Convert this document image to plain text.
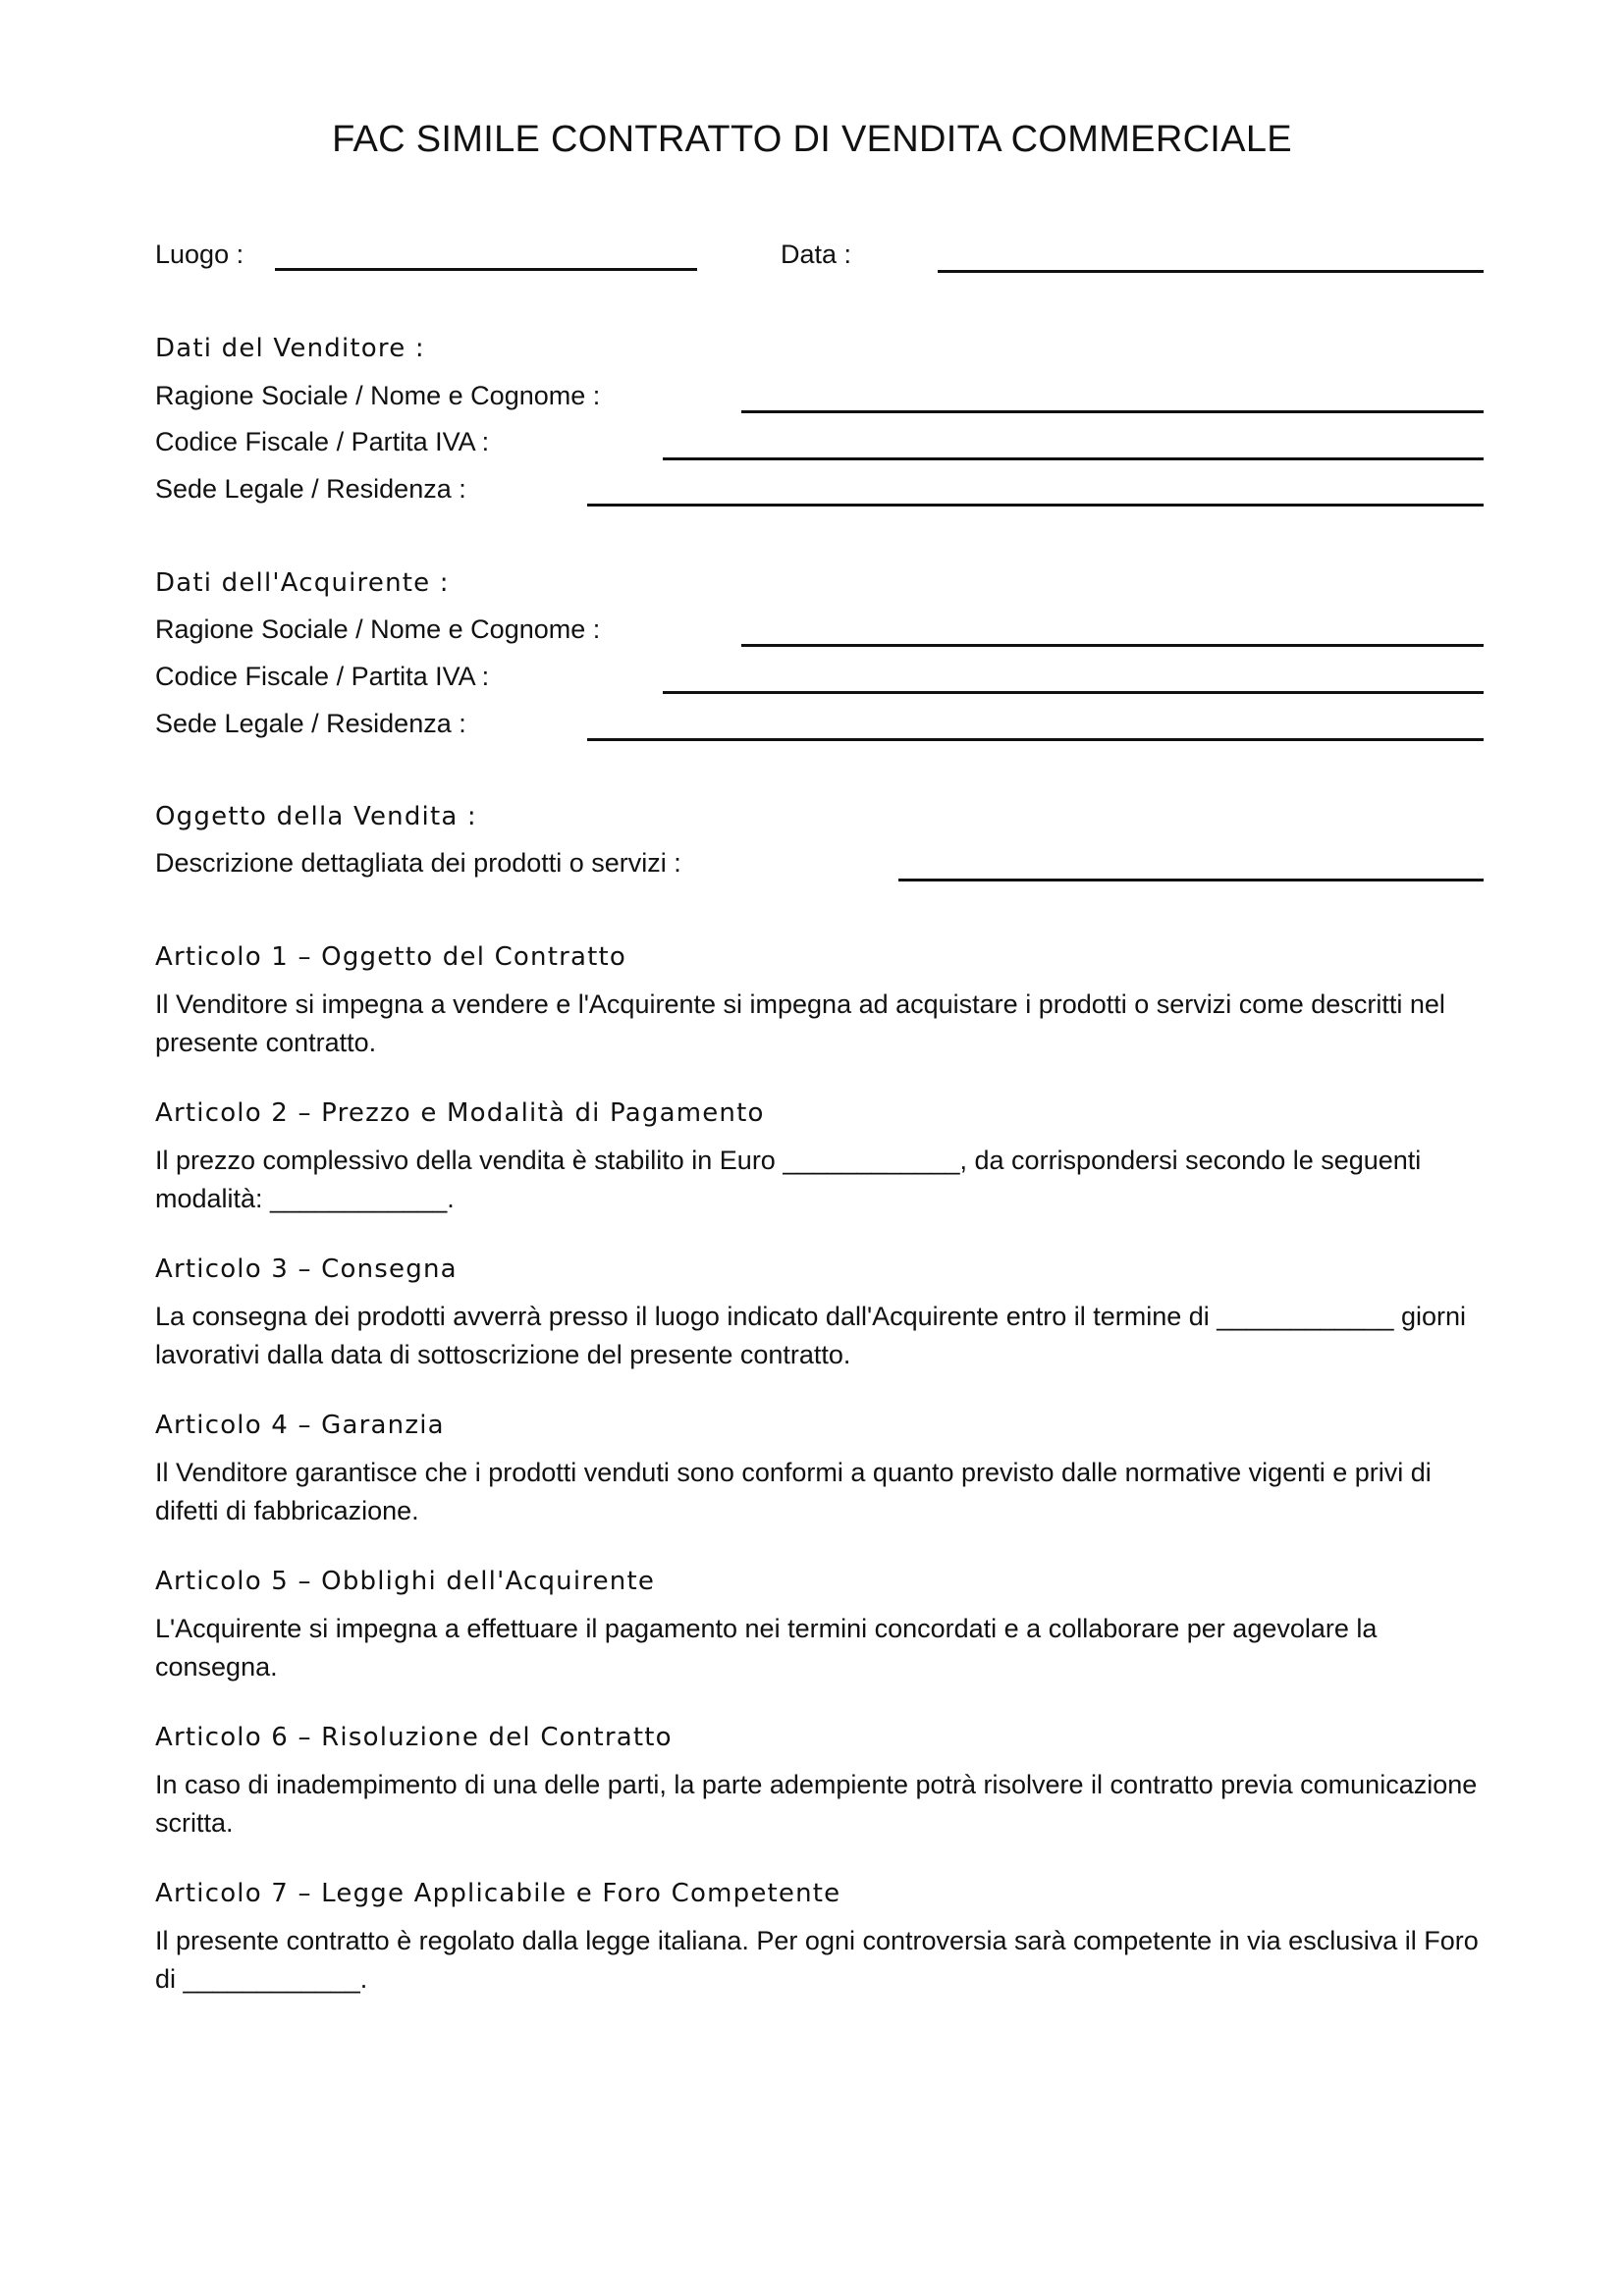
FAC SIMILE CONTRATTO DI VENDITA COMMERCIALE
Luogo :	Data :
Dati del Venditore :
Ragione Sociale / Nome e Cognome :
Codice Fiscale / Partita IVA :
Sede Legale / Residenza :
Dati dell'Acquirente :
Ragione Sociale / Nome e Cognome :
Codice Fiscale / Partita IVA :
Sede Legale / Residenza :
Oggetto della Vendita :
Descrizione dettagliata dei prodotti o servizi :
Articolo 1 – Oggetto del Contratto
Il Venditore si impegna a vendere e l'Acquirente si impegna ad acquistare i prodotti o servizi come descritti nel presente contratto.
Articolo 2 – Prezzo e Modalità di Pagamento
Il prezzo complessivo della vendita è stabilito in Euro ____________, da corrispondersi secondo le seguenti modalità: ____________.
Articolo 3 – Consegna
La consegna dei prodotti avverrà presso il luogo indicato dall'Acquirente entro il termine di ____________ giorni lavorativi dalla data di sottoscrizione del presente contratto.
Articolo 4 – Garanzia
Il Venditore garantisce che i prodotti venduti sono conformi a quanto previsto dalle normative vigenti e privi di difetti di fabbricazione.
Articolo 5 – Obblighi dell'Acquirente
L'Acquirente si impegna a effettuare il pagamento nei termini concordati e a collaborare per agevolare la consegna.
Articolo 6 – Risoluzione del Contratto
In caso di inadempimento di una delle parti, la parte adempiente potrà risolvere il contratto previa comunicazione scritta.
Articolo 7 – Legge Applicabile e Foro Competente
Il presente contratto è regolato dalla legge italiana. Per ogni controversia sarà competente in via esclusiva il Foro di ____________.
